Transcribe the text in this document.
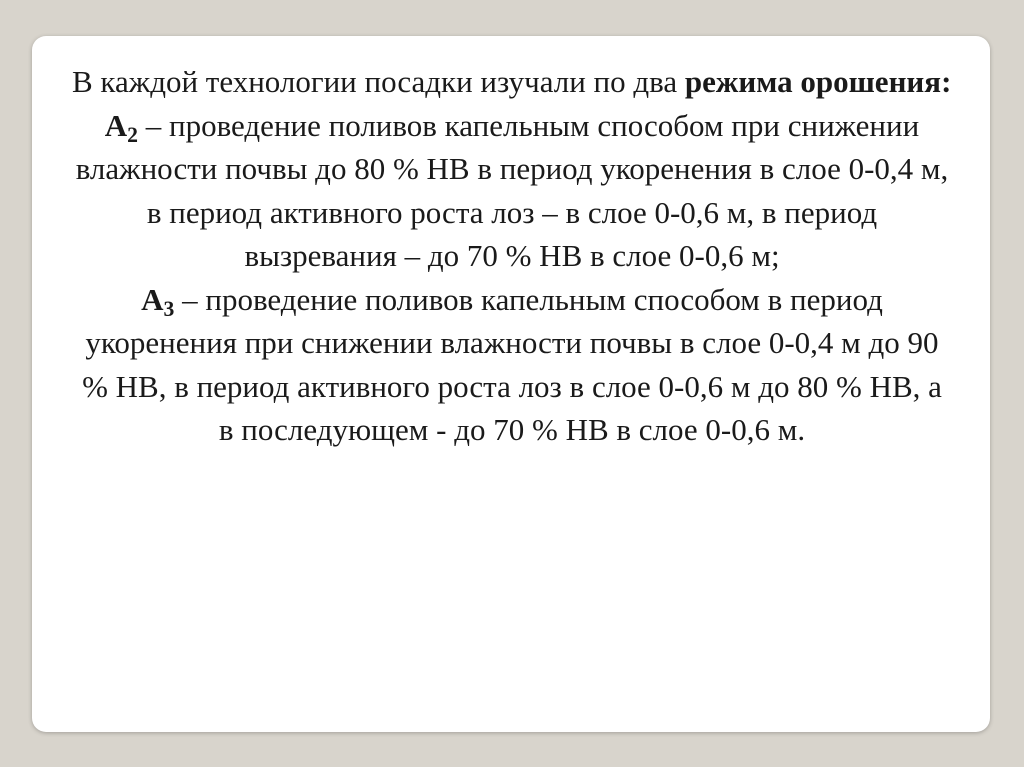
В каждой технологии посадки изучали по два режима орошения:

$А_2$ – проведение поливов капельным способом при снижении влажности почвы до 80 % НВ в период укоренения в слое 0-0,4 м, в период активного роста лоз – в слое 0-0,6 м, в период вызревания – до 70 % НВ в слое 0-0,6 м;

$А_3$ – проведение поливов капельным способом в период укоренения при снижении влажности почвы в слое 0-0,4 м до 90 % НВ, в период активного роста лоз в слое 0-0,6 м до 80 % НВ, а в последующем - до 70 % НВ в слое 0-0,6 м.
